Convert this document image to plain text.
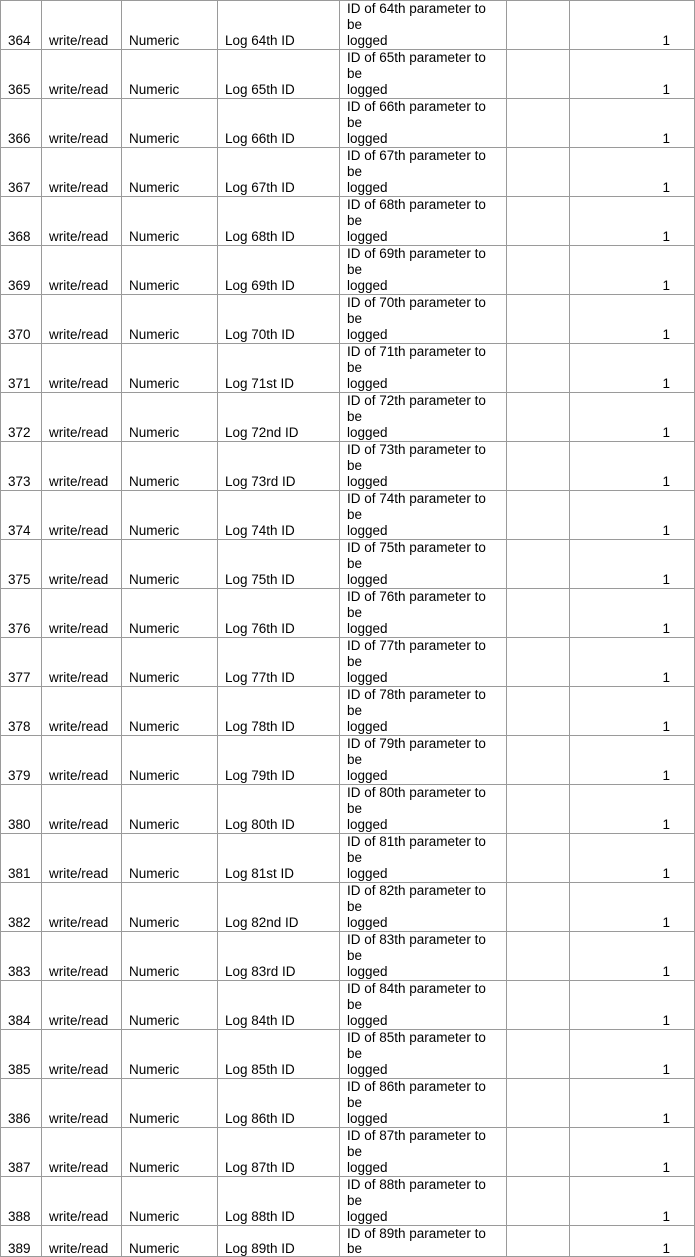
364	write/read	Numeric	Log 64th ID	ID of 64th parameter to be
logged		1
365	write/read	Numeric	Log 65th ID	ID of 65th parameter to be
logged		1
366	write/read	Numeric	Log 66th ID	ID of 66th parameter to be
logged		1
367	write/read	Numeric	Log 67th ID	ID of 67th parameter to be
logged		1
368	write/read	Numeric	Log 68th ID	ID of 68th parameter to be
logged		1
369	write/read	Numeric	Log 69th ID	ID of 69th parameter to be
logged		1
370	write/read	Numeric	Log 70th ID	ID of 70th parameter to be
logged		1
371	write/read	Numeric	Log 71st ID	ID of 71th parameter to be
logged		1
372	write/read	Numeric	Log 72nd ID	ID of 72th parameter to be
logged		1
373	write/read	Numeric	Log 73rd ID	ID of 73th parameter to be
logged		1
374	write/read	Numeric	Log 74th ID	ID of 74th parameter to be
logged		1
375	write/read	Numeric	Log 75th ID	ID of 75th parameter to be
logged		1
376	write/read	Numeric	Log 76th ID	ID of 76th parameter to be
logged		1
377	write/read	Numeric	Log 77th ID	ID of 77th parameter to be
logged		1
378	write/read	Numeric	Log 78th ID	ID of 78th parameter to be
logged		1
379	write/read	Numeric	Log 79th ID	ID of 79th parameter to be
logged		1
380	write/read	Numeric	Log 80th ID	ID of 80th parameter to be
logged		1
381	write/read	Numeric	Log 81st ID	ID of 81th parameter to be
logged		1
382	write/read	Numeric	Log 82nd ID	ID of 82th parameter to be
logged		1
383	write/read	Numeric	Log 83rd ID	ID of 83th parameter to be
logged		1
384	write/read	Numeric	Log 84th ID	ID of 84th parameter to be
logged		1
385	write/read	Numeric	Log 85th ID	ID of 85th parameter to be
logged		1
386	write/read	Numeric	Log 86th ID	ID of 86th parameter to be
logged		1
387	write/read	Numeric	Log 87th ID	ID of 87th parameter to be
logged		1
388	write/read	Numeric	Log 88th ID	ID of 88th parameter to be
logged		1
389	write/read	Numeric	Log 89th ID	ID of 89th parameter to be		1
